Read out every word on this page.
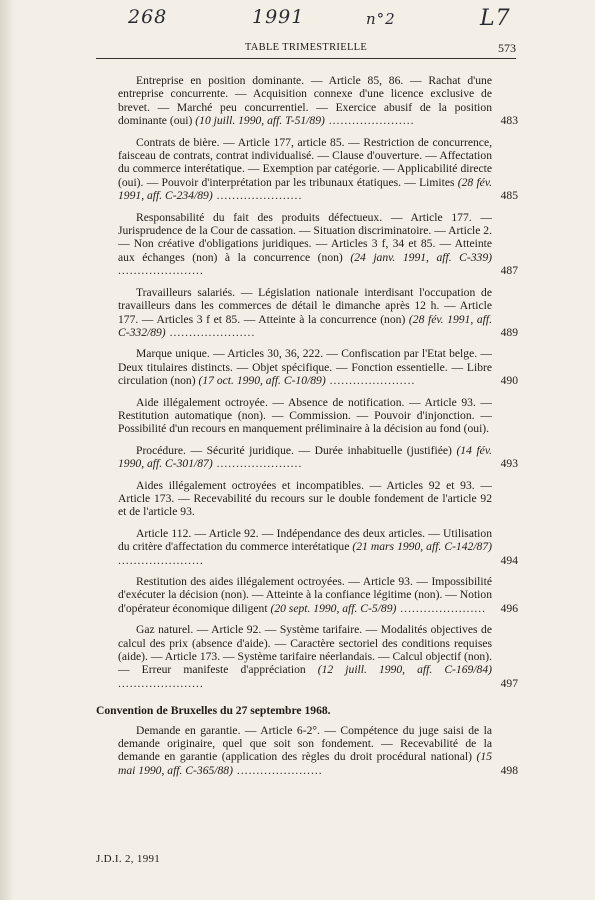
268	1991	n°2	L7
TABLE TRIMESTRIELLE	573
Entreprise en position dominante. — Article 85, 86. — Rachat d'une entreprise concurrente. — Acquisition connexe d'une licence exclusive de brevet. — Marché peu concurrentiel. — Exercice abusif de la position dominante (oui) (10 juill. 1990, aff. T-51/89) ......................	483
Contrats de bière. — Article 177, article 85. — Restriction de concurrence, faisceau de contrats, contrat individualisé. — Clause d'ouverture. — Affectation du commerce interétatique. — Exemption par catégorie. — Applicabilité directe (oui). — Pouvoir d'interprétation par les tribunaux étatiques. — Limites (28 fév. 1991, aff. C-234/89) ......................	485
Responsabilité du fait des produits défectueux. — Article 177. — Jurisprudence de la Cour de cassation. — Situation discriminatoire. — Article 2. — Non créative d'obligations juridiques. — Articles 3 f, 34 et 85. — Atteinte aux échanges (non) à la concurrence (non) (24 janv. 1991, aff. C-339) ......................	487
Travailleurs salariés. — Législation nationale interdisant l'occupation de travailleurs dans les commerces de détail le dimanche après 12 h. — Article 177. — Articles 3 f et 85. — Atteinte à la concurrence (non) (28 fév. 1991, aff. C-332/89) ......................	489
Marque unique. — Articles 30, 36, 222. — Confiscation par l'Etat belge. — Deux titulaires distincts. — Objet spécifique. — Fonction essentielle. — Libre circulation (non) (17 oct. 1990, aff. C-10/89) ......................	490
Aide illégalement octroyée. — Absence de notification. — Article 93. — Restitution automatique (non). — Commission. — Pouvoir d'injonction. — Possibilité d'un recours en manquement préliminaire à la décision au fond (oui).
Procédure. — Sécurité juridique. — Durée inhabituelle (justifiée) (14 fév. 1990, aff. C-301/87) ......................	493
Aides illégalement octroyées et incompatibles. — Articles 92 et 93. — Article 173. — Recevabilité du recours sur le double fondement de l'article 92 et de l'article 93.
Article 112. — Article 92. — Indépendance des deux articles. — Utilisation du critère d'affectation du commerce interétatique (21 mars 1990, aff. C-142/87) ......................	494
Restitution des aides illégalement octroyées. — Article 93. — Impossibilité d'exécuter la décision (non). — Atteinte à la confiance légitime (non). — Notion d'opérateur économique diligent (20 sept. 1990, aff. C-5/89) ......................	496
Gaz naturel. — Article 92. — Système tarifaire. — Modalités objectives de calcul des prix (absence d'aide). — Caractère sectoriel des conditions requises (aide). — Article 173. — Système tarifaire néerlandais. — Calcul objectif (non). — Erreur manifeste d'appréciation (12 juill. 1990, aff. C-169/84) ......................	497
Convention de Bruxelles du 27 septembre 1968.
Demande en garantie. — Article 6-2°. — Compétence du juge saisi de la demande originaire, quel que soit son fondement. — Recevabilité de la demande en garantie (application des règles du droit procédural national) (15 mai 1990, aff. C-365/88) ......................	498
J.D.I. 2, 1991
